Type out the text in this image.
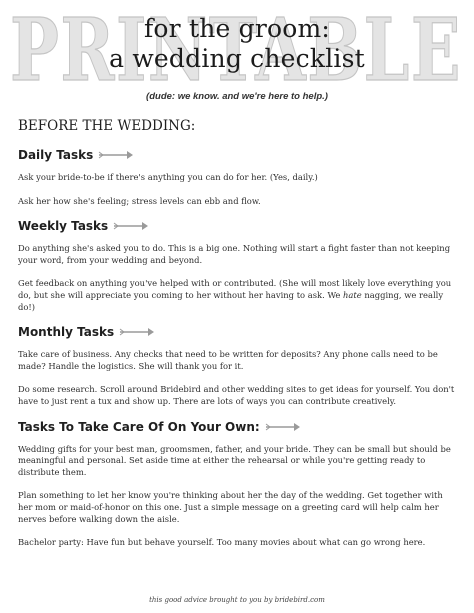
PRINTABLE
for the groom:
a wedding checklist
(dude: we know. and we're here to help.)
BEFORE THE WEDDING:
Daily Tasks

Ask your bride-to-be if there's anything you can do for her. (Yes, daily.)

Ask her how she's feeling; stress levels can ebb and flow.

Weekly Tasks

Do anything she's asked you to do. This is a big one. Nothing will start a fight faster than not keeping your word, from your wedding and beyond.

Get feedback on anything you've helped with or contributed. (She will most likely love everything you do, but she will appreciate you coming to her without her having to ask. We hate nagging, we really do!)

Monthly Tasks

Take care of business. Any checks that need to be written for deposits? Any phone calls need to be made? Handle the logistics. She will thank you for it.

Do some research. Scroll around Bridebird and other wedding sites to get ideas for yourself. You don't have to just rent a tux and show up. There are lots of ways you can contribute creatively.

Tasks To Take Care Of On Your Own:

Wedding gifts for your best man, groomsmen, father, and your bride. They can be small but should be meaningful and personal. Set aside time at either the rehearsal or while you're getting ready to distribute them.

Plan something to let her know you're thinking about her the day of the wedding. Get together with her mom or maid-of-honor on this one. Just a simple message on a greeting card will help calm her nerves before walking down the aisle.

Bachelor party: Have fun but behave yourself. Too many movies about what can go wrong here.

this good advice brought to you by bridebird.com
